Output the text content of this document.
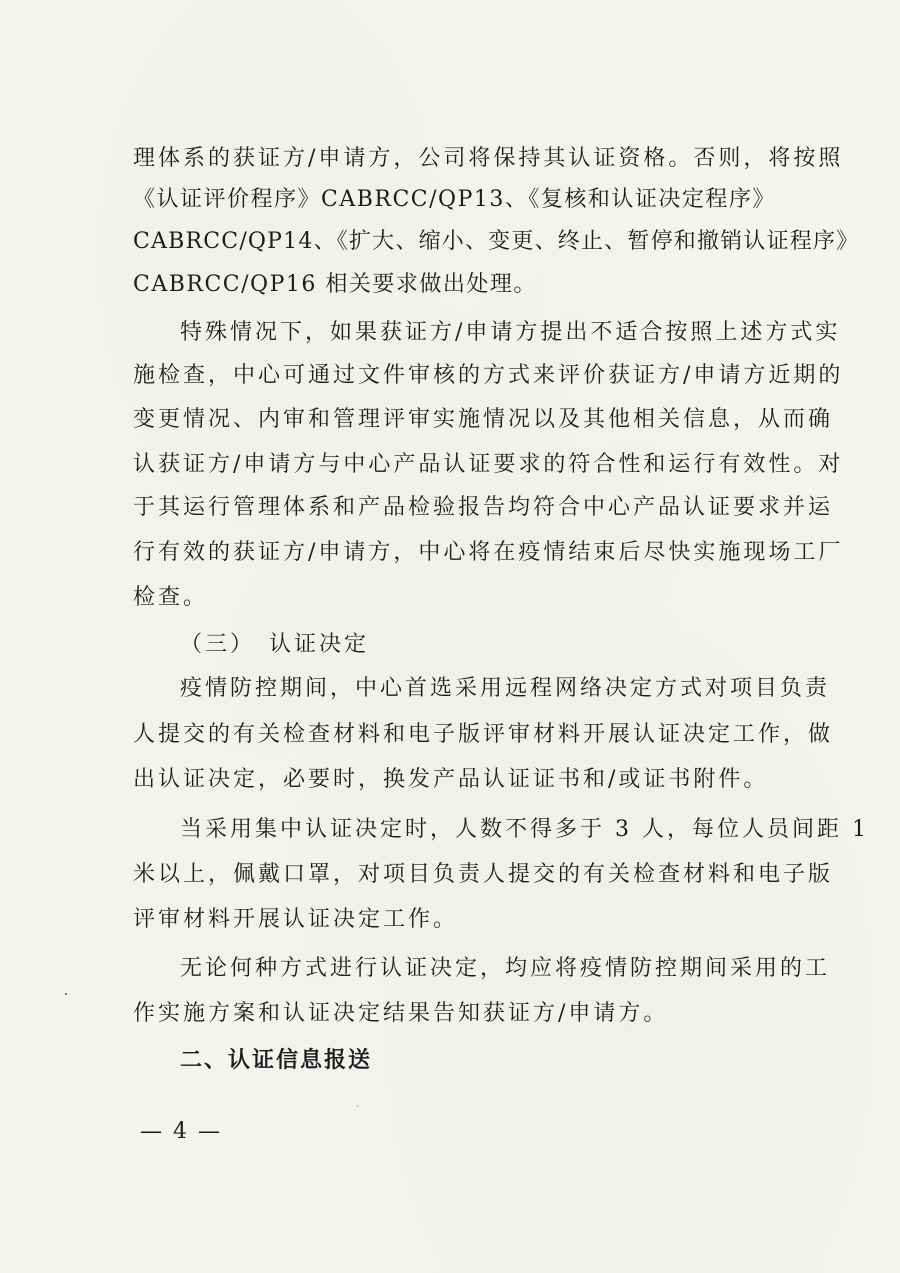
理体系的获证方/申请方，公司将保持其认证资格。否则，将按照
《认证评价程序》CABRCC/QP13、《复核和认证决定程序》
CABRCC/QP14、《扩大、缩小、变更、终止、暂停和撤销认证程序》
CABRCC/QP16 相关要求做出处理。
特殊情况下，如果获证方/申请方提出不适合按照上述方式实
施检查，中心可通过文件审核的方式来评价获证方/申请方近期的
变更情况、内审和管理评审实施情况以及其他相关信息，从而确
认获证方/申请方与中心产品认证要求的符合性和运行有效性。对
于其运行管理体系和产品检验报告均符合中心产品认证要求并运
行有效的获证方/申请方，中心将在疫情结束后尽快实施现场工厂
检查。
（三）　认证决定
疫情防控期间，中心首选采用远程网络决定方式对项目负责
人提交的有关检查材料和电子版评审材料开展认证决定工作，做
出认证决定，必要时，换发产品认证证书和/或证书附件。
当采用集中认证决定时，人数不得多于 3 人，每位人员间距 1
米以上，佩戴口罩，对项目负责人提交的有关检查材料和电子版
评审材料开展认证决定工作。
无论何种方式进行认证决定，均应将疫情防控期间采用的工
作实施方案和认证决定结果告知获证方/申请方。
二、认证信息报送
— 4 —
